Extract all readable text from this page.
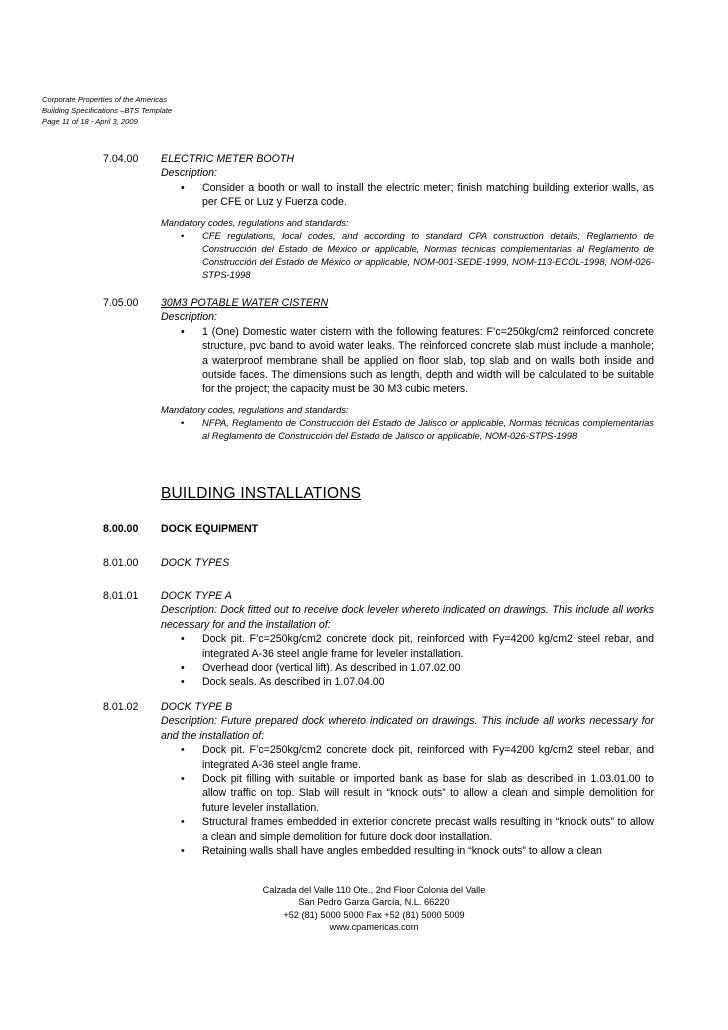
Corporate Properties of the Americas
Building Specifications –BTS Template
Page 11 of 18 - April 3, 2009
7.04.00 ELECTRIC METER BOOTH
Description:
• Consider a booth or wall to install the electric meter; finish matching building exterior walls, as per CFE or Luz y Fuerza code.
Mandatory codes, regulations and standards:
• CFE regulations, local codes, and according to standard CPA construction details, Reglamento de Construcción del Estado de México or applicable, Normas técnicas complementarias al Reglamento de Construcción del Estado de México or applicable, NOM-001-SEDE-1999, NOM-113-ECOL-1998, NOM-026-STPS-1998
7.05.00 30M3 POTABLE WATER CISTERN
Description:
• 1 (One) Domestic water cistern with the following features: F’c=250kg/cm2 reinforced concrete structure, pvc band to avoid water leaks. The reinforced concrete slab must include a manhole; a waterproof membrane shall be applied on floor slab, top slab and on walls both inside and outside faces. The dimensions such as length, depth and width will be calculated to be suitable for the project; the capacity must be 30 M3 cubic meters.
Mandatory codes, regulations and standards:
• NFPA, Reglamento de Construcción del Estado de Jalisco or applicable, Normas técnicas complementarias al Reglamento de Construcción del Estado de Jalisco or applicable, NOM-026-STPS-1998
BUILDING INSTALLATIONS
8.00.00 DOCK EQUIPMENT
8.01.00 DOCK TYPES
8.01.01 DOCK TYPE A
Description: Dock fitted out to receive dock leveler whereto indicated on drawings. This include all works necessary for and the installation of:
• Dock pit. F’c=250kg/cm2 concrete dock pit, reinforced with Fy=4200 kg/cm2 steel rebar, and integrated A-36 steel angle frame for leveler installation.
• Overhead door (vertical lift). As described in 1.07.02.00
• Dock seals. As described in 1.07.04.00
8.01.02 DOCK TYPE B
Description: Future prepared dock whereto indicated on drawings. This include all works necessary for and the installation of:
• Dock pit. F’c=250kg/cm2 concrete dock pit, reinforced with Fy=4200 kg/cm2 steel rebar, and integrated A-36 steel angle frame.
• Dock pit filling with suitable or imported bank as base for slab as described in 1.03.01.00 to allow traffic on top. Slab will result in “knock outs” to allow a clean and simple demolition for future leveler installation.
• Structural frames embedded in exterior concrete precast walls resulting in “knock outs” to allow a clean and simple demolition for future dock door installation.
• Retaining walls shall have angles embedded resulting in “knock outs” to allow a clean
Calzada del Valle 110 Ote., 2nd Floor Colonia del Valle
San Pedro Garza García, N.L. 66220
+52 (81) 5000 5000 Fax +52 (81) 5000 5009
www.cpamericas.com
